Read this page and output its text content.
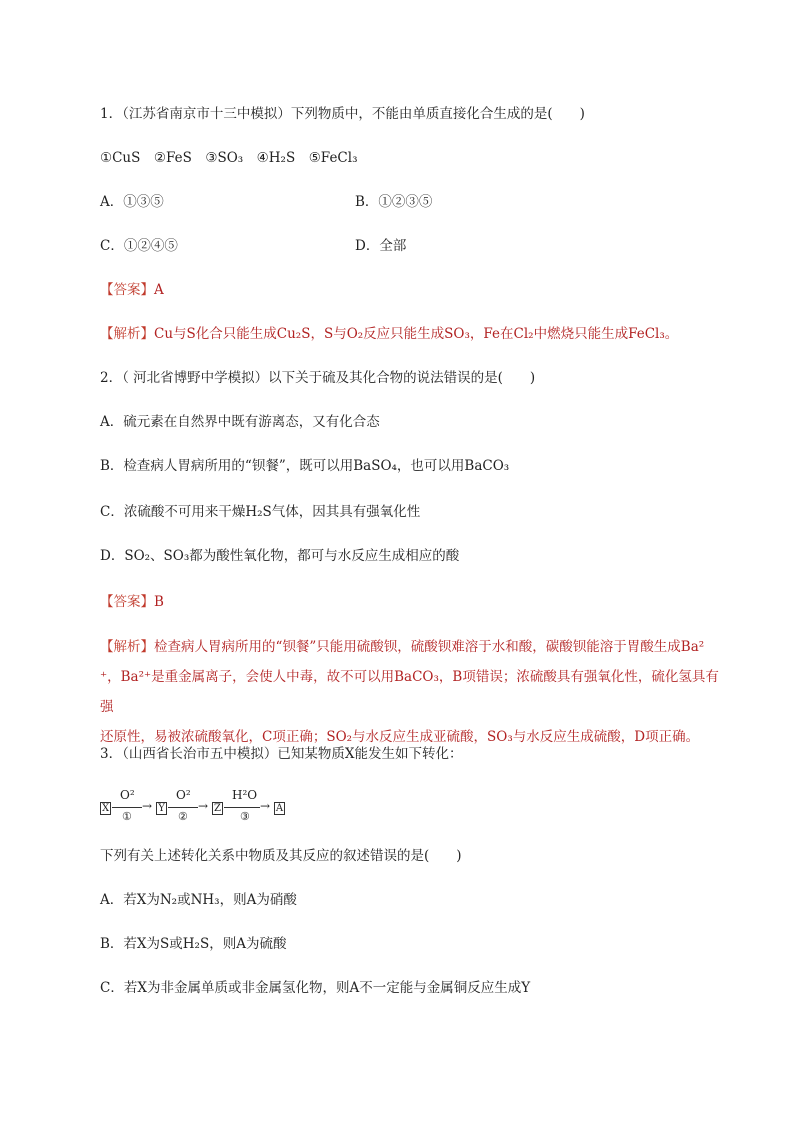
1．（江苏省南京市十三中模拟）下列物质中，不能由单质直接化合生成的是(　　)
①CuS　②FeS　③SO₃　④H₂S　⑤FeCl₃
A．①③⑤	B．①②③⑤
C．①②④⑤	D．全部
【答案】A
【解析】Cu与S化合只能生成Cu₂S，S与O₂反应只能生成SO₃，Fe在Cl₂中燃烧只能生成FeCl₃。
2．（ 河北省博野中学模拟）以下关于硫及其化合物的说法错误的是(　　)
A．硫元素在自然界中既有游离态，又有化合态
B．检查病人胃病所用的“钡餐”，既可以用BaSO₄，也可以用BaCO₃
C．浓硫酸不可用来干燥H₂S气体，因其具有强氧化性
D．SO₂、SO₃都为酸性氧化物，都可与水反应生成相应的酸
【答案】B
【解析】检查病人胃病所用的“钡餐”只能用硫酸钡，硫酸钡难溶于水和酸，碳酸钡能溶于胃酸生成Ba²
⁺，Ba²⁺是重金属离子，会使人中毒，故不可以用BaCO₃，B项错误；浓硫酸具有强氧化性，硫化氢具有强
还原性，易被浓硫酸氧化，C项正确；SO₂与水反应生成亚硫酸，SO₃与水反应生成硫酸，D项正确。
3．（山西省长治市五中模拟）已知某物质X能发生如下转化：
X
O²
①
→ Y
O²
②
→ Z
H²O
③
→ A
下列有关上述转化关系中物质及其反应的叙述错误的是(　　)
A．若X为N₂或NH₃，则A为硝酸
B．若X为S或H₂S，则A为硫酸
C．若X为非金属单质或非金属氢化物，则A不一定能与金属铜反应生成Y
